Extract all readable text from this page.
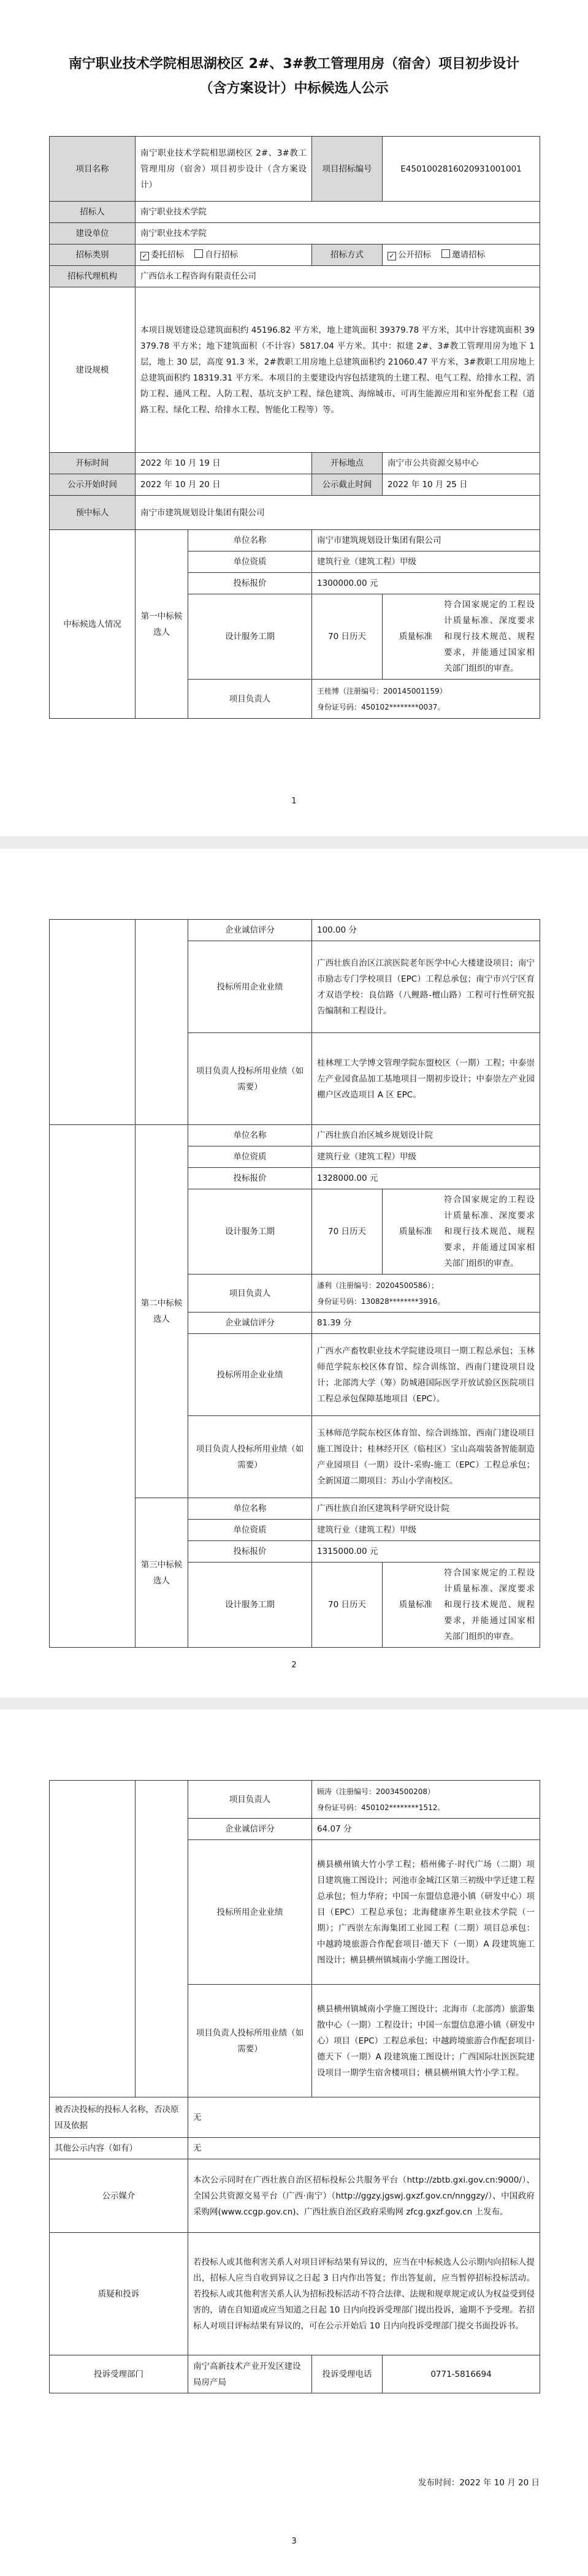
南宁职业技术学院相思湖校区 2#、3#教工管理用房（宿舍）项目初步设计
（含方案设计）中标候选人公示
项目名称	南宁职业技术学院相思湖校区 2#、3#教工管理用房（宿舍）项目初步设计（含方案设计）		项目招标编号	E4501002816020931001001
招标人	南宁职业技术学院			
建设单位	南宁职业技术学院			
招标类别	✓ 委托招标 自行招标		招标方式	✓ 公开招标 邀请招标
招标代理机构	广西信永工程咨询有限责任公司			
建设规模	本项目规划建设总建筑面积约 45196.82 平方米，地上建筑面积 39379.78 平方米，其中计容建筑面积 39379.78 平方米；地下建筑面积（不计容）5817.04 平方米。其中：拟建 2#、3#教工管理用房为地下 1 层，地上 30 层，高度 91.3 米，2#教职工用房地上总建筑面积约 21060.47 平方米，3#教职工用房地上总建筑面积约 18319.31 平方米。本项目的主要建设内容包括建筑的土建工程、电气工程、给排水工程、消防工程、通风工程、人防工程、基坑支护工程、绿色建筑、海绵城市、可再生能源应用和室外配套工程（道路工程、绿化工程、给排水工程、智能化工程等）等。			
开标时间	2022 年 10 月 19 日		开标地点	南宁市公共资源交易中心
公示开始时间	2022 年 10 月 20 日		公示截止时间	2022 年 10 月 25 日
预中标人	南宁市建筑规划设计集团有限公司			
中标候选人情况	第一中标候选人	单位名称	南宁市建筑规划设计集团有限公司	
		单位资质	建筑行业（建筑工程）甲级	
		投标报价	1300000.00 元	
		设计服务工期	70 日历天	质量标准
符合国家规定的工程设计质量标准、深度要求和现行技术规范、规程要求，并能通过国家相关部门组织的审查。

		项目负责人	王桂博（注册编号：200145001159）
身份证号码：450102********0037。	
1
		企业诚信评分	100.00 分	
		投标所用企业业绩	广西壮族自治区江滨医院老年医学中心大楼建设项目；南宁市励志专门学校项目（EPC）工程总承包；南宁市兴宁区育才双语学校：良信路（八鲤路-檀山路）工程可行性研究报告编制和工程设计。	
		项目负责人投标所用业绩（如需要）	桂林理工大学博文管理学院东盟校区（一期）工程；中泰崇左产业园食品加工基地项目一期初步设计；中泰崇左产业园棚户区改造项目 A 区 EPC。	
	第二中标候选人	单位名称	广西壮族自治区城乡规划设计院	
		单位资质	建筑行业（建筑工程）甲级	
		投标报价	1328000.00 元	
		设计服务工期	70 日历天	质量标准
符合国家规定的工程设计质量标准、深度要求和现行技术规范、规程要求，并能通过国家相关部门组织的审查。

		项目负责人	潘利（注册编号：20204500586）；
身份证号码：130828********3916。	

		企业诚信评分	81.39 分	
		投标所用企业业绩	广西水产畜牧职业技术学院建设项目一期工程总承包；玉林师范学院东校区体育馆、综合训练馆、西南门建设项目设计；北部湾大学（筹）防城港国际医学开放试验区医院项目工程总承包保障基地项目（EPC）。	
		项目负责人投标所用业绩（如需要）	玉林师范学院东校区体育馆、综合训练馆、西南门建设项目施工图设计；桂林经开区（临桂区）宝山高端装备智能制造产业园项目（一期）设计-采购-施工（EPC）工程总承包；全新国道二期项目：苏山小学南校区。	
	第三中标候选人	单位名称	广西壮族自治区建筑科学研究设计院	
		单位资质	建筑行业（建筑工程）甲级	
		投标报价	1315000.00 元	
		设计服务工期	70 日历天	质量标准
符合国家规定的工程设计质量标准、深度要求和现行技术规范、规程要求，并能通过国家相关部门组织的审查。
2
		项目负责人	顾涛（注册编号：20034500208）
身份证号码：450102********1512。	

		企业诚信评分	64.07 分	
		投标所用企业业绩	横县横州镇大竹小学工程；梧州佛子·时代广场（二期）项目建筑施工图设计；河池市金城江区第三初级中学迁建工程总承包；恒力华府；中国一东盟信息港小镇（研发中心）项目（EPC）工程总承包；北海健康养生职业技术学院（一期）；广西崇左东海集团工业园工程（二期）项目总承包：中越跨境旅游合作配套项目·德天下（一期）A 段建筑施工图设计；横县横州镇城南小学施工图设计。	
		项目负责人投标所用业绩（如需要）	横县横州镇城南小学施工图设计；北海市（北部湾）旅游集散中心（一期）工程设计；中国一东盟信息港小镇（研发中心）项目（EPC）工程总承包；中越跨境旅游合作配套项目·德天下（一期）A 段建筑施工图设计；广西国际壮医医院建设项目一期学生宿舍楼项目；横县横州镇大竹小学工程。	
被否决投标的投标人名称，否决原因及依据		无		
其他公示内容（如有）		无		
公示媒介		本次公示同时在广西壮族自治区招标投标公共服务平台（http://zbtb.gxi.gov.cn:9000/）、全国公共资源交易平台（广西·南宁）（http://ggzy.jgswj.gxzf.gov.cn/nnggzy/）、中国政府采购网(www.ccgp.gov.cn)、广西壮族自治区政府采购网 zfcg.gxzf.gov.cn 上发布。		
质疑和投诉		若投标人或其他利害关系人对项目评标结果有异议的，应当在中标候选人公示期内向招标人提出，招标人应当自收到异议之日起 3 日内作出答复；作出答复前，应当暂停招标投标活动。若投标人或其他利害关系人认为招标投标活动不符合法律、法规和规章规定或认为权益受到侵害的，请在自知道或应当知道之日起 10 日内向投诉受理部门提出投诉，逾期不予受理。若招标人对项目评标结果有异议的，可在公示开始后 10 日内向投诉受理部门提交书面投诉书。		
投诉受理部门		南宁高新技术产业开发区建设局房产局	投诉受理电话	0771-5816694
发布时间：2022 年 10 月 20 日
3
